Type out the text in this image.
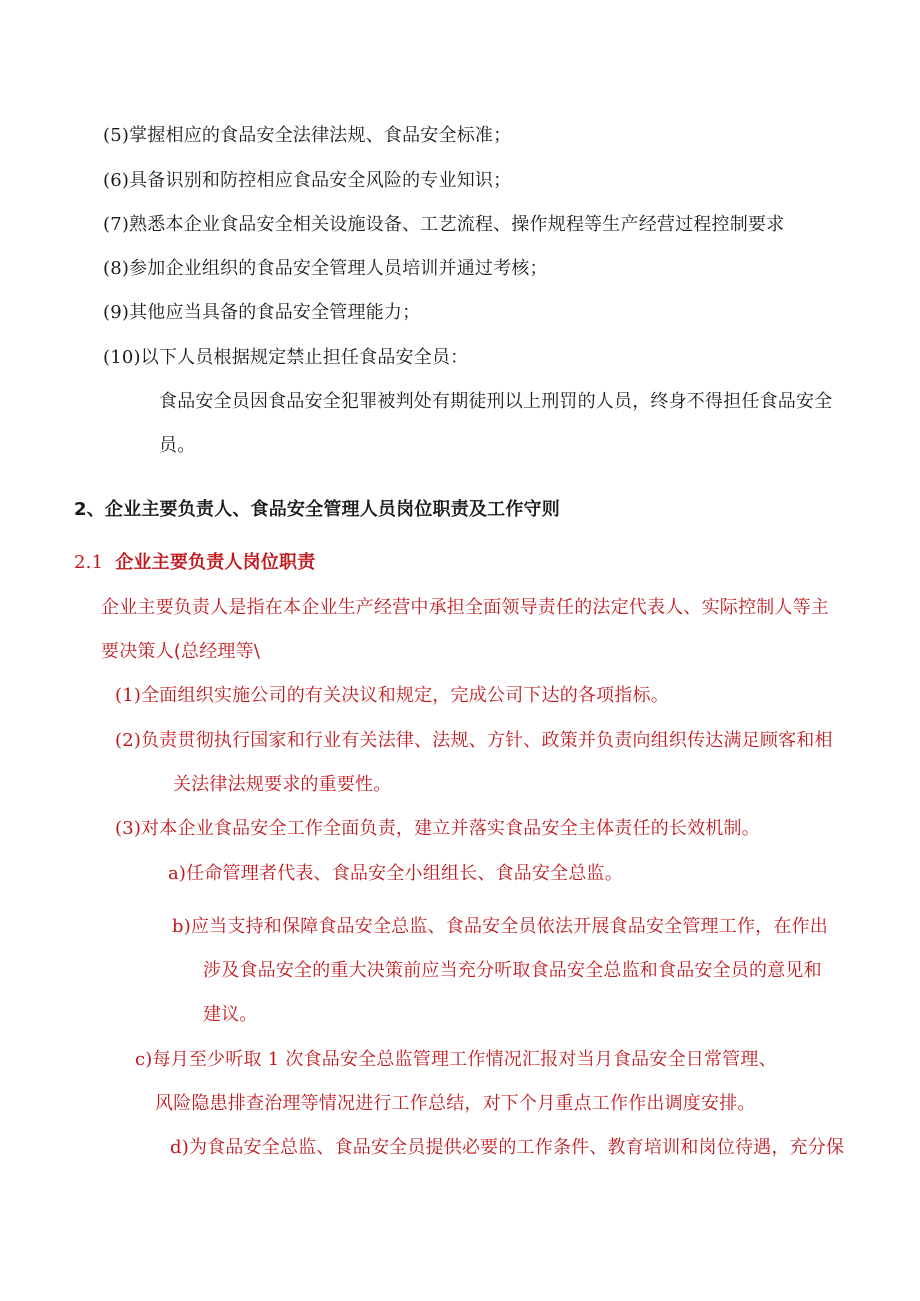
(5)掌握相应的食品安全法律法规、食品安全标准；
(6)具备识别和防控相应食品安全风险的专业知识；
(7)熟悉本企业食品安全相关设施设备、工艺流程、操作规程等生产经营过程控制要求
(8)参加企业组织的食品安全管理人员培训并通过考核；
(9)其他应当具备的食品安全管理能力；
(10)以下人员根据规定禁止担任食品安全员：
食品安全员因食品安全犯罪被判处有期徒刑以上刑罚的人员，终身不得担任食品安全
员。
2、企业主要负责人、食品安全管理人员岗位职责及工作守则
2.1 企业主要负责人岗位职责
企业主要负责人是指在本企业生产经营中承担全面领导责任的法定代表人、实际控制人等主
要决策人(总经理等\
(1)全面组织实施公司的有关决议和规定，完成公司下达的各项指标。
(2)负责贯彻执行国家和行业有关法律、法规、方针、政策并负责向组织传达满足顾客和相
关法律法规要求的重要性。
(3)对本企业食品安全工作全面负责，建立并落实食品安全主体责任的长效机制。
a)任命管理者代表、食品安全小组组长、食品安全总监。
b)应当支持和保障食品安全总监、食品安全员依法开展食品安全管理工作，在作出
涉及食品安全的重大决策前应当充分听取食品安全总监和食品安全员的意见和
建议。
c)每月至少听取 1 次食品安全总监管理工作情况汇报对当月食品安全日常管理、
风险隐患排查治理等情况进行工作总结，对下个月重点工作作出调度安排。
d)为食品安全总监、食品安全员提供必要的工作条件、教育培训和岗位待遇，充分保
